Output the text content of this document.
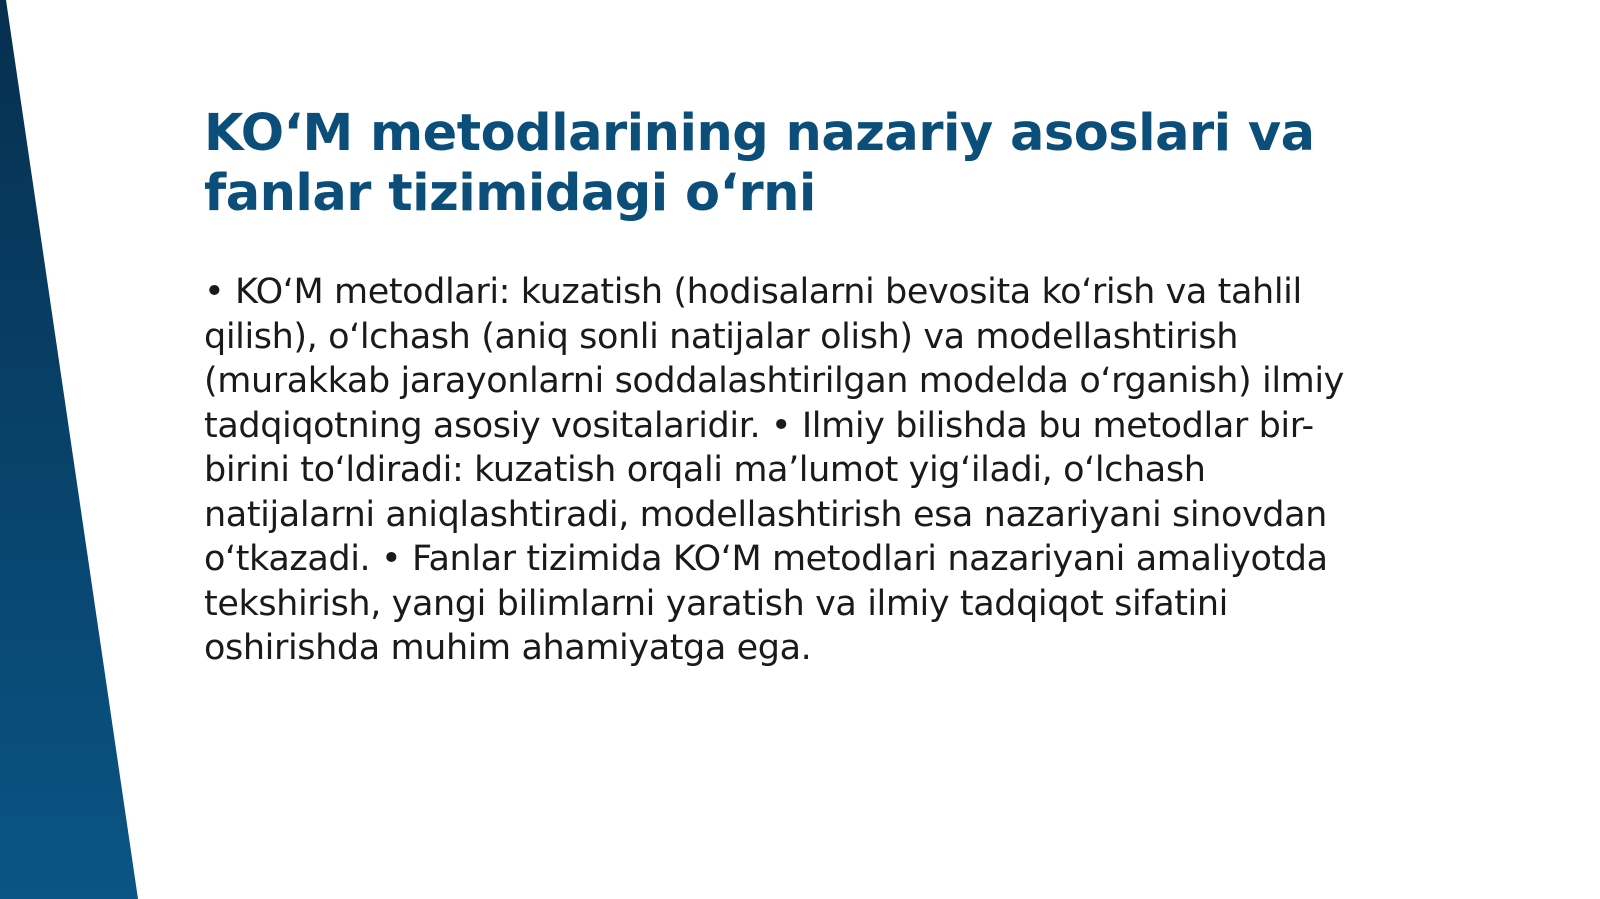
KO‘M metodlarining nazariy asoslari va
fanlar tizimidagi o‘rni
• KO‘M metodlari: kuzatish (hodisalarni bevosita ko‘rish va tahlil
qilish), o‘lchash (aniq sonli natijalar olish) va modellashtirish
(murakkab jarayonlarni soddalashtirilgan modelda o‘rganish) ilmiy
tadqiqotning asosiy vositalaridir. • Ilmiy bilishda bu metodlar bir-
birini to‘ldiradi: kuzatish orqali ma’lumot yig‘iladi, o‘lchash
natijalarni aniqlashtiradi, modellashtirish esa nazariyani sinovdan
o‘tkazadi. • Fanlar tizimida KO‘M metodlari nazariyani amaliyotda
tekshirish, yangi bilimlarni yaratish va ilmiy tadqiqot sifatini
oshirishda muhim ahamiyatga ega.
